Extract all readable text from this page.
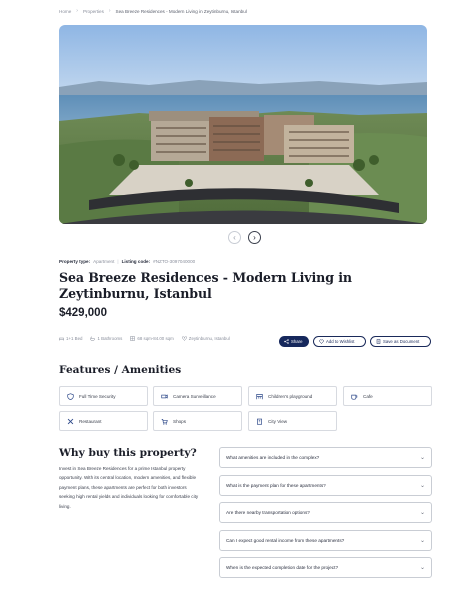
Home › Properties › Sea Breeze Residences - Modern Living in Zeytinburnu, Istanbul
‹ ›
Property type: Apartment | Listing code: #NZTO-3097040000
Sea Breeze Residences - Modern Living in Zeytinburnu, Istanbul
$429,000
1+1 Bed	1 Bathrooms	68 sqm-84.00 sqm	Zeytinburnu, Istanbul
Share	Add to Wishlist	Save as Document
Features / Amenities
Full Time Security	Camera Surveillance	Children's playground	Cafe
Restaurant	Shops	City View
Why buy this property?

Invest in Sea Breeze Residences for a prime Istanbul property opportunity. With its central location, modern amenities, and flexible payment plans, these apartments are perfect for both investors seeking high rental yields and individuals looking for comfortable city living.

What amenities are included in the complex?	⌄
What is the payment plan for these apartments?	⌄
Are there nearby transportation options?	⌄
Can I expect good rental income from these apartments?	⌄
When is the expected completion date for the project?	⌄
